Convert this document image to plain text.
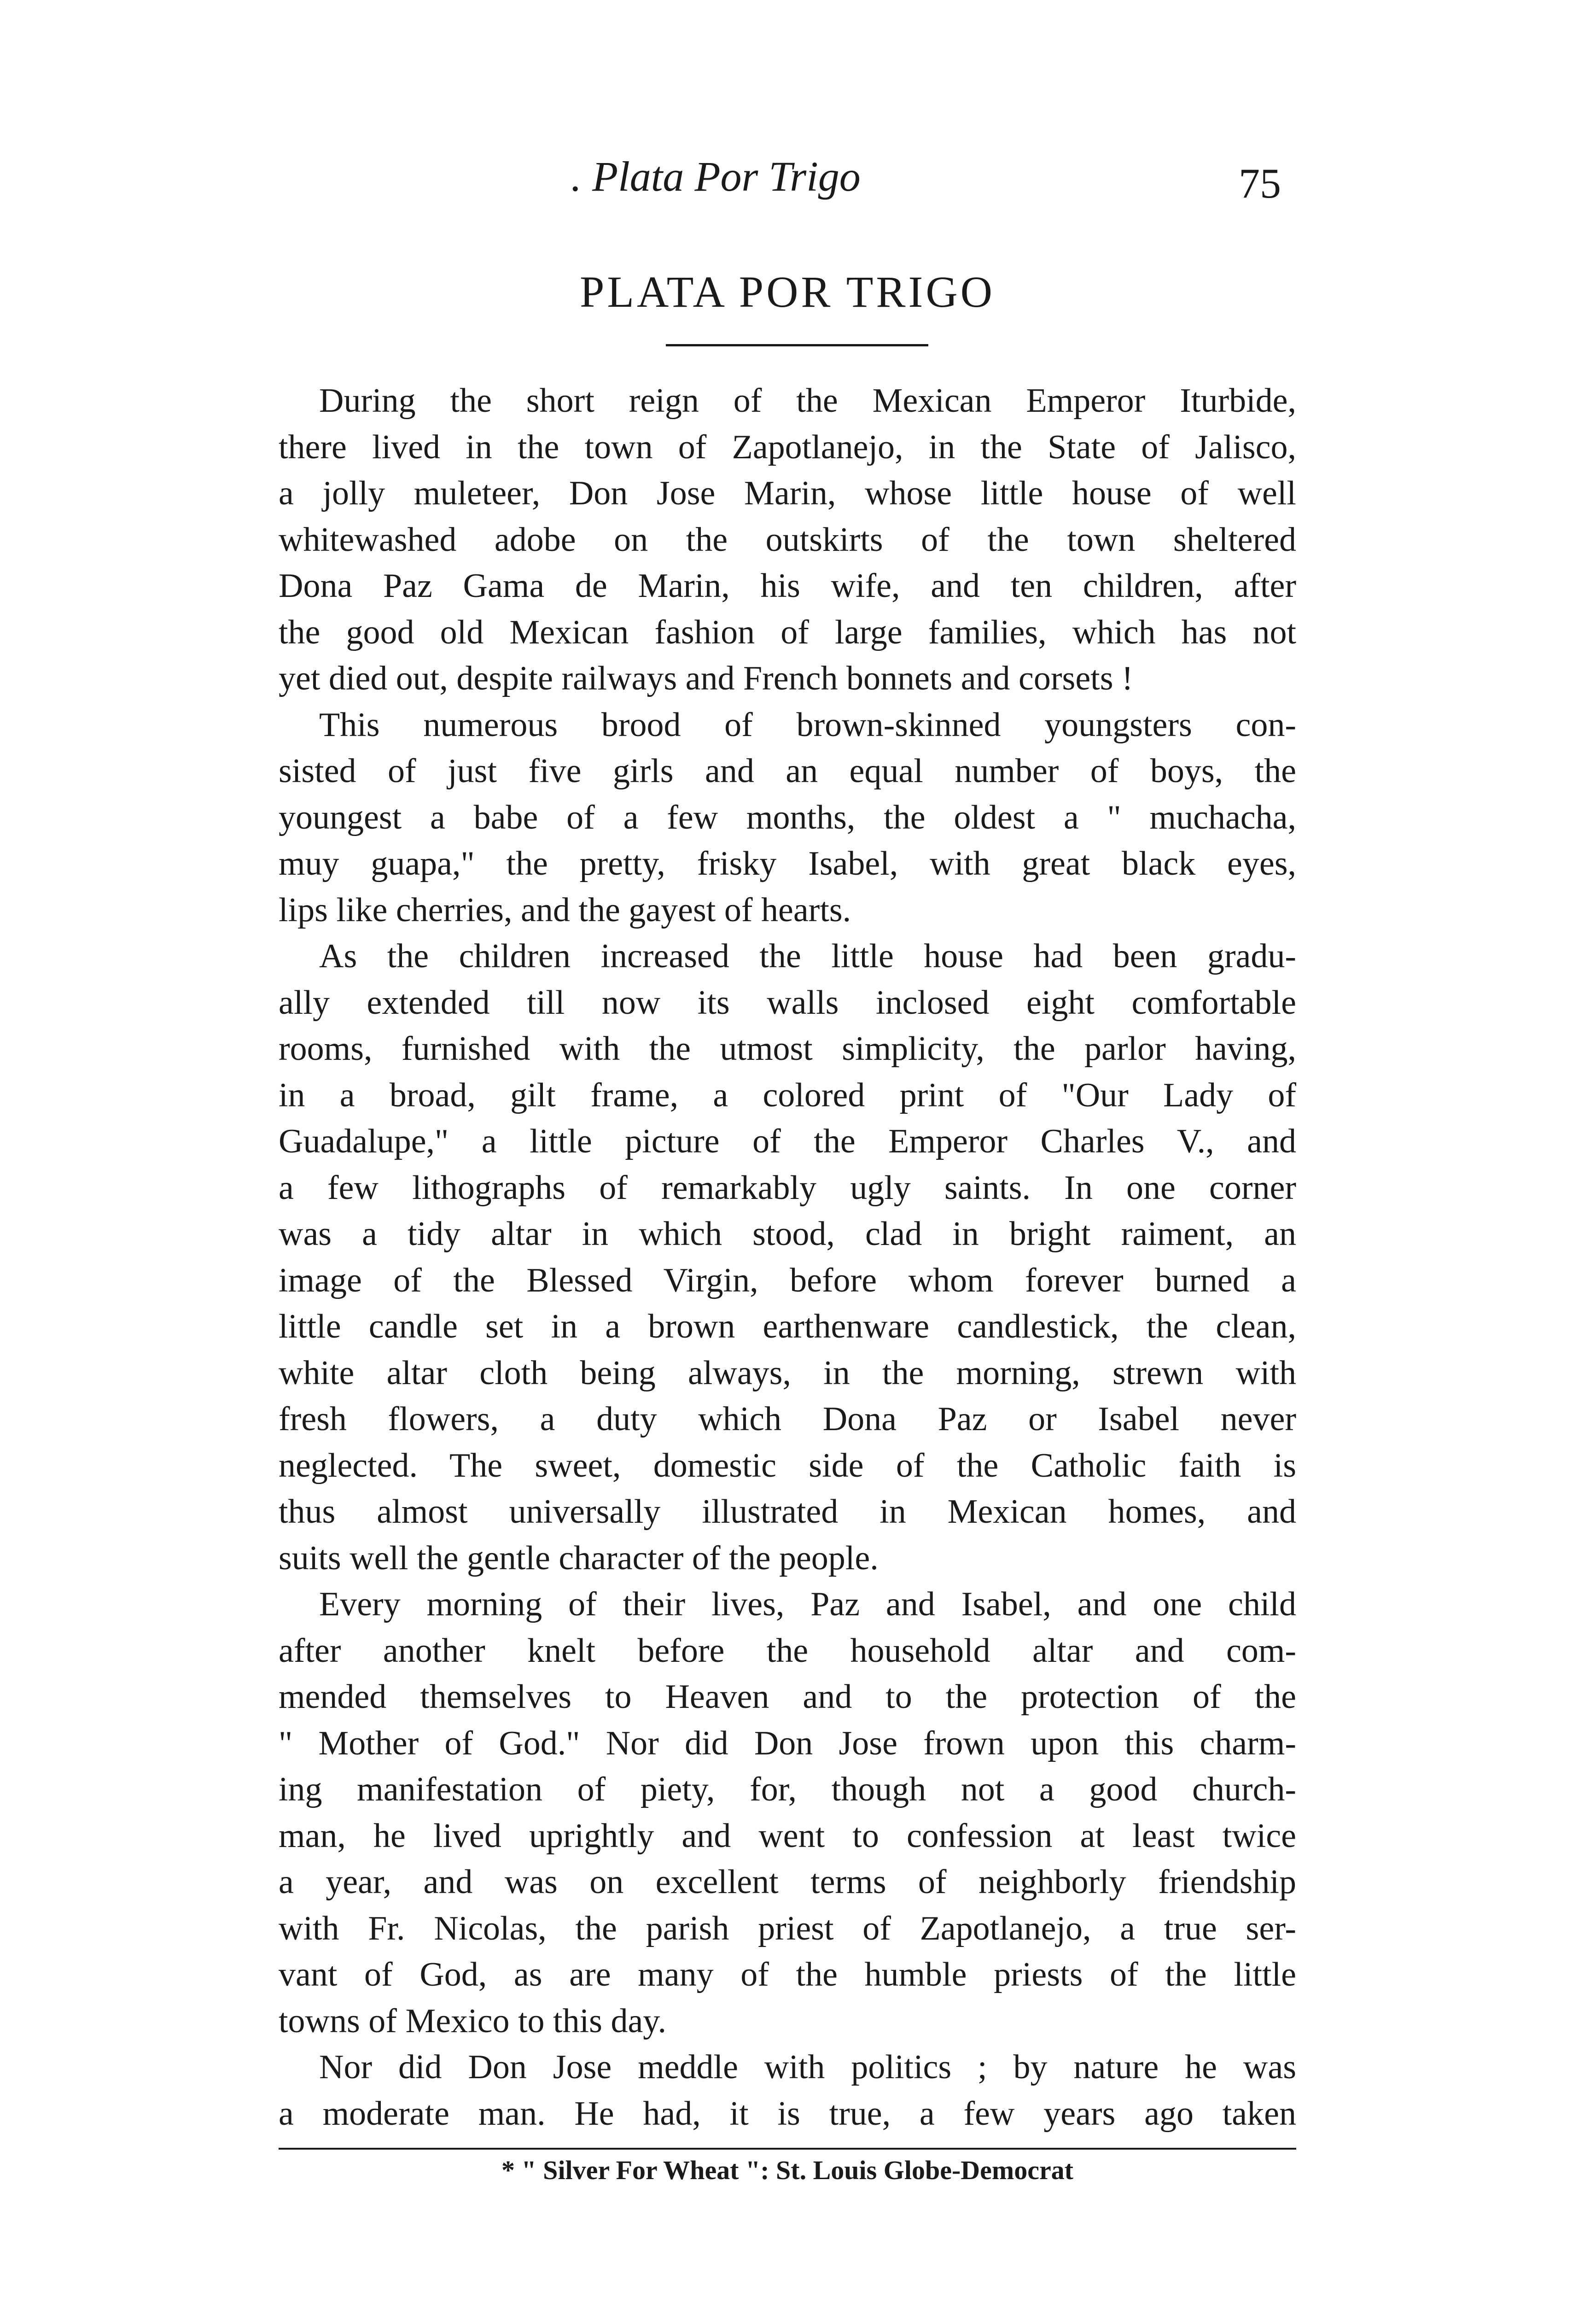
. Plata Por Trigo	75
PLATA POR TRIGO
During the short reign of the Mexican Emperor Iturbide,
there lived in the town of Zapotlanejo, in the State of Jalisco,
a jolly muleteer, Don Jose Marin, whose little house of well
whitewashed adobe on the outskirts of the town sheltered
Dona Paz Gama de Marin, his wife, and ten children, after
the good old Mexican fashion of large families, which has not
yet died out, despite railways and French bonnets and corsets !
This numerous brood of brown-skinned youngsters con-
sisted of just five girls and an equal number of boys, the
youngest a babe of a few months, the oldest a " muchacha,
muy guapa," the pretty, frisky Isabel, with great black eyes,
lips like cherries, and the gayest of hearts.
As the children increased the little house had been gradu-
ally extended till now its walls inclosed eight comfortable
rooms, furnished with the utmost simplicity, the parlor having,
in a broad, gilt frame, a colored print of "Our Lady of
Guadalupe," a little picture of the Emperor Charles V., and
a few lithographs of remarkably ugly saints. In one corner
was a tidy altar in which stood, clad in bright raiment, an
image of the Blessed Virgin, before whom forever burned a
little candle set in a brown earthenware candlestick, the clean,
white altar cloth being always, in the morning, strewn with
fresh flowers, a duty which Dona Paz or Isabel never
neglected. The sweet, domestic side of the Catholic faith is
thus almost universally illustrated in Mexican homes, and
suits well the gentle character of the people.
Every morning of their lives, Paz and Isabel, and one child
after another knelt before the household altar and com-
mended themselves to Heaven and to the protection of the
" Mother of God." Nor did Don Jose frown upon this charm-
ing manifestation of piety, for, though not a good church-
man, he lived uprightly and went to confession at least twice
a year, and was on excellent terms of neighborly friendship
with Fr. Nicolas, the parish priest of Zapotlanejo, a true ser-
vant of God, as are many of the humble priests of the little
towns of Mexico to this day.
Nor did Don Jose meddle with politics ; by nature he was
a moderate man. He had, it is true, a few years ago taken
* " Silver For Wheat ": St. Louis Globe-Democrat
